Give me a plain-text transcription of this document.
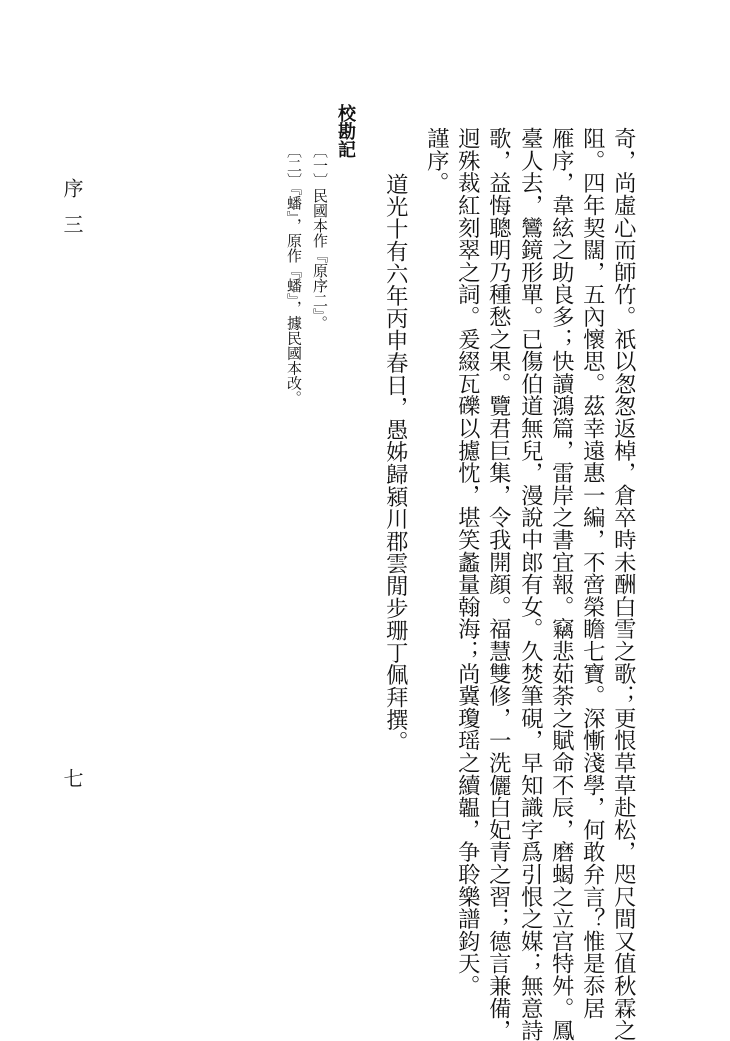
奇，尚虛心而師竹。祇以怱怱返棹，倉卒時未酬白雪之歌；更恨草草赴松，咫尺間又值秋霖之
阻。四年契闊，五內懷思。茲幸遠惠一編，不啻榮瞻七寶。深慚淺學，何敢弁言？惟是忝居
雁序，韋絃之助良多；快讀鴻篇，雷岸之書宜報。竊悲茹荼之賦命不辰，磨蝎之立宫特舛。鳳
臺人去，鸞鏡形單。已傷伯道無兒，漫說中郎有女。久焚筆硯，早知識字爲引恨之媒；無意詩
歌，益悔聰明乃種愁之果。覽君巨集，令我開顔。福慧雙修，一洗儷白妃青之習；德言兼備，
迥殊裁紅刻翠之詞。爰綴瓦礫以攄忱，堪笑蠡量翰海；尚冀瓊瑶之續韞，争聆樂譜鈞天。
謹序。
道光十有六年丙申春日，愚姊歸潁川郡雲閒步珊丁佩拜撰。
校勘記
〔一〕民國本作『原序二』。
〔二〕『蟠』，原作『蟠』，據民國本改。
序三
七
